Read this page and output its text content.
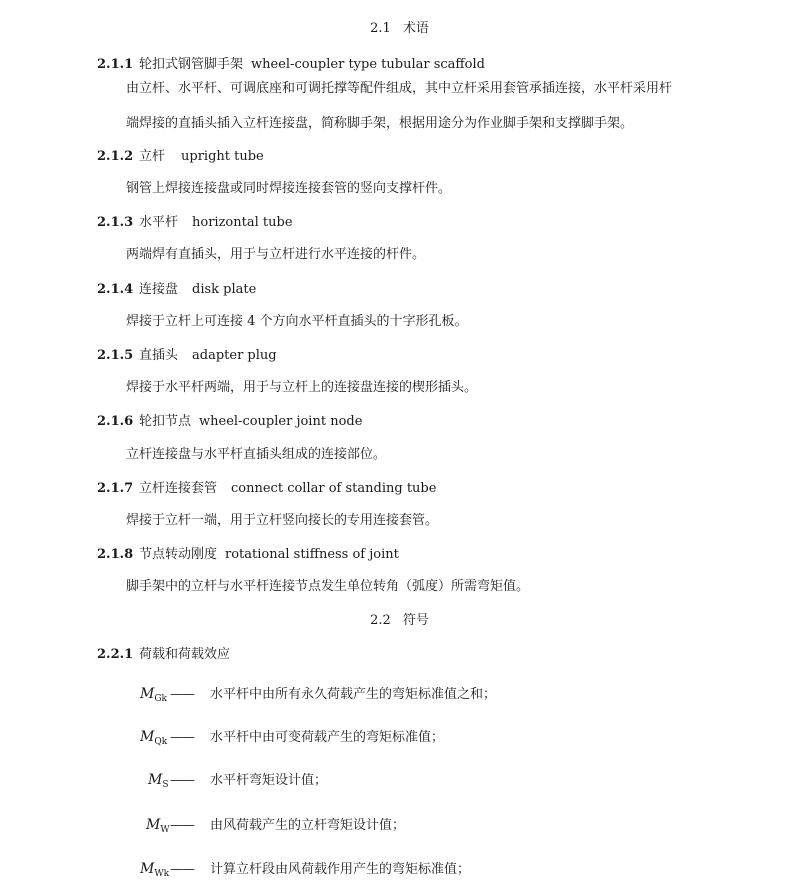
2.1 术语
2.1.1 轮扣式钢管脚手架 wheel-coupler type tubular scaffold
由立杆、水平杆、可调底座和可调托撑等配件组成，其中立杆采用套管承插连接，水平杆采用杆
端焊接的直插头插入立杆连接盘，简称脚手架，根据用途分为作业脚手架和支撑脚手架。
2.1.2 立杆 upright tube
钢管上焊接连接盘或同时焊接连接套管的竖向支撑杆件。
2.1.3 水平杆 horizontal tube
两端焊有直插头，用于与立杆进行水平连接的杆件。
2.1.4 连接盘 disk plate
焊接于立杆上可连接 4 个方向水平杆直插头的十字形孔板。
2.1.5 直插头 adapter plug
焊接于水平杆两端，用于与立杆上的连接盘连接的楔形插头。
2.1.6 轮扣节点 wheel-coupler joint node
立杆连接盘与水平杆直插头组成的连接部位。
2.1.7 立杆连接套管 connect collar of standing tube
焊接于立杆一端，用于立杆竖向接长的专用连接套管。
2.1.8 节点转动刚度 rotational stiffness of joint
脚手架中的立杆与水平杆连接节点发生单位转角（弧度）所需弯矩值。
2.2 符号
2.2.1 荷载和荷载效应
$M_{Gk}$ —— 水平杆中由所有永久荷载产生的弯矩标准值之和；
$M_{Qk}$ —— 水平杆中由可变荷载产生的弯矩标准值；
$M_S——$ 水平杆弯矩设计值；
$M_W——$ 由风荷载产生的立杆弯矩设计值；
$M_{Wk}——$ 计算立杆段由风荷载作用产生的弯矩标准值；
